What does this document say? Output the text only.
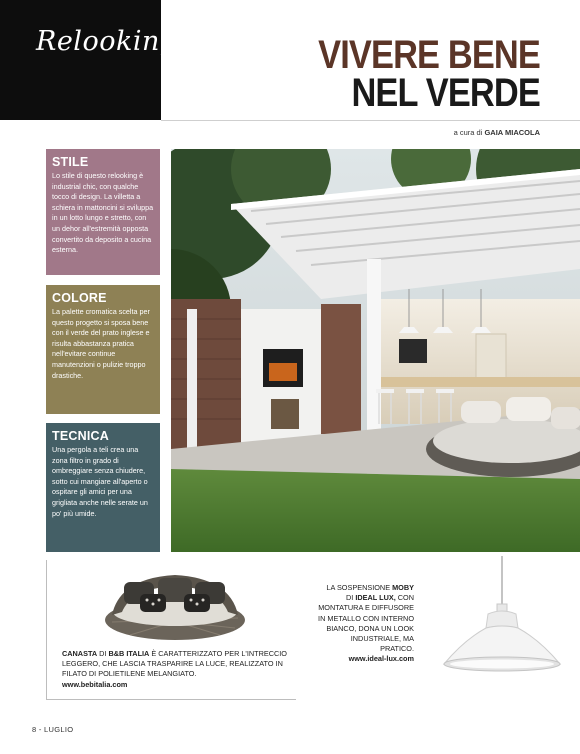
Relooking	VIVERE BENE
NEL VERDE
a cura di GAIA MIACOLA
STILE
Lo stile di questo relooking è industrial chic, con qualche tocco di design. La villetta a schiera in mattoncini si sviluppa in un lotto lungo e stretto, con un dehor all'estremità opposta convertito da deposito a cucina esterna.
COLORE
La palette cromatica scelta per questo progetto si sposa bene con il verde del prato inglese e risulta abbastanza pratica nell'evitare continue manutenzioni o pulizie troppo drastiche.
TECNICA
Una pergola a teli crea una zona filtro in grado di ombreggiare senza chiudere, sotto cui mangiare all'aperto o ospitare gli amici per una grigliata anche nelle serate un po' più umide.
CANASTA DI B&B ITALIA È CARATTERIZZATO PER L'INTRECCIO LEGGERO, CHE LASCIA TRASPARIRE LA LUCE, REALIZZATO IN FILATO DI POLIETILENE MELANGIATO.
www.bebitalia.com
LA SOSPENSIONE MOBY DI IDEAL LUX, CON MONTATURA E DIFFUSORE IN METALLO CON INTERNO BIANCO, DONA UN LOOK INDUSTRIALE, MA PRATICO.
www.ideal-lux.com
8 - LUGLIO
